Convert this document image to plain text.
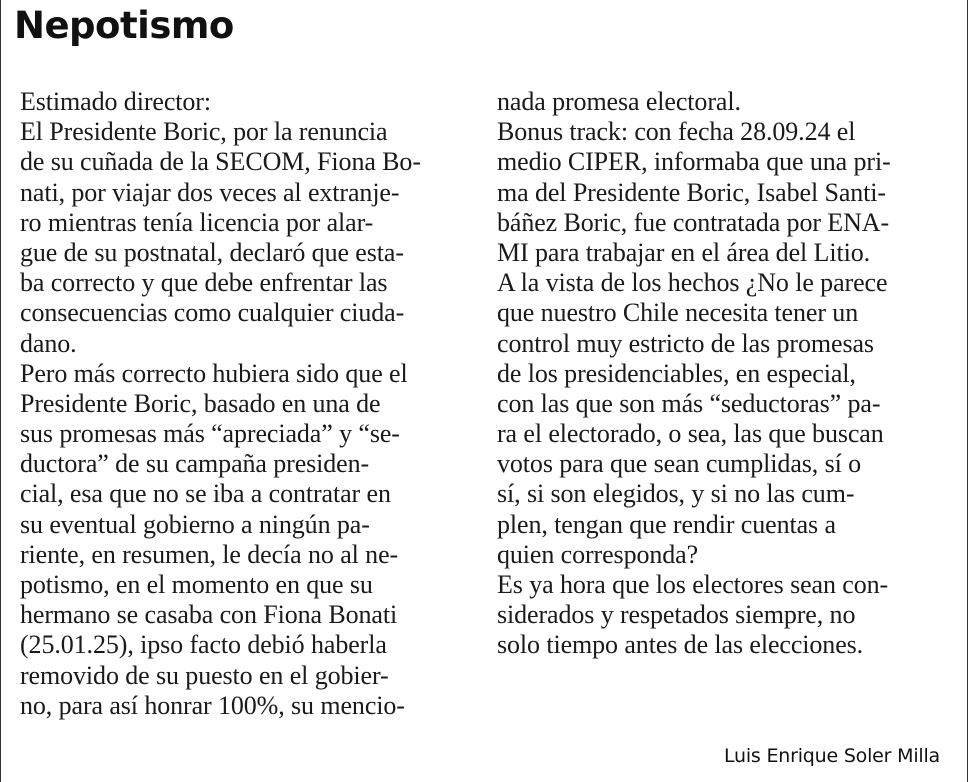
Nepotismo
Estimado director:
El Presidente Boric, por la renuncia
de su cuñada de la SECOM, Fiona Bo-
nati, por viajar dos veces al extranje-
ro mientras tenía licencia por alar-
gue de su postnatal, declaró que esta-
ba correcto y que debe enfrentar las
consecuencias como cualquier ciuda-
dano.
Pero más correcto hubiera sido que el
Presidente Boric, basado en una de
sus promesas más “apreciada” y “se-
ductora” de su campaña presiden-
cial, esa que no se iba a contratar en
su eventual gobierno a ningún pa-
riente, en resumen, le decía no al ne-
potismo, en el momento en que su
hermano se casaba con Fiona Bonati
(25.01.25), ipso facto debió haberla
removido de su puesto en el gobier-
no, para así honrar 100%, su mencio-
nada promesa electoral.
Bonus track: con fecha 28.09.24 el
medio CIPER, informaba que una pri-
ma del Presidente Boric, Isabel Santi-
báñez Boric, fue contratada por ENA-
MI para trabajar en el área del Litio.
A la vista de los hechos ¿No le parece
que nuestro Chile necesita tener un
control muy estricto de las promesas
de los presidenciables, en especial,
con las que son más “seductoras” pa-
ra el electorado, o sea, las que buscan
votos para que sean cumplidas, sí o
sí, si son elegidos, y si no las cum-
plen, tengan que rendir cuentas a
quien corresponda?
Es ya hora que los electores sean con-
siderados y respetados siempre, no
solo tiempo antes de las elecciones.
Luis Enrique Soler Milla
